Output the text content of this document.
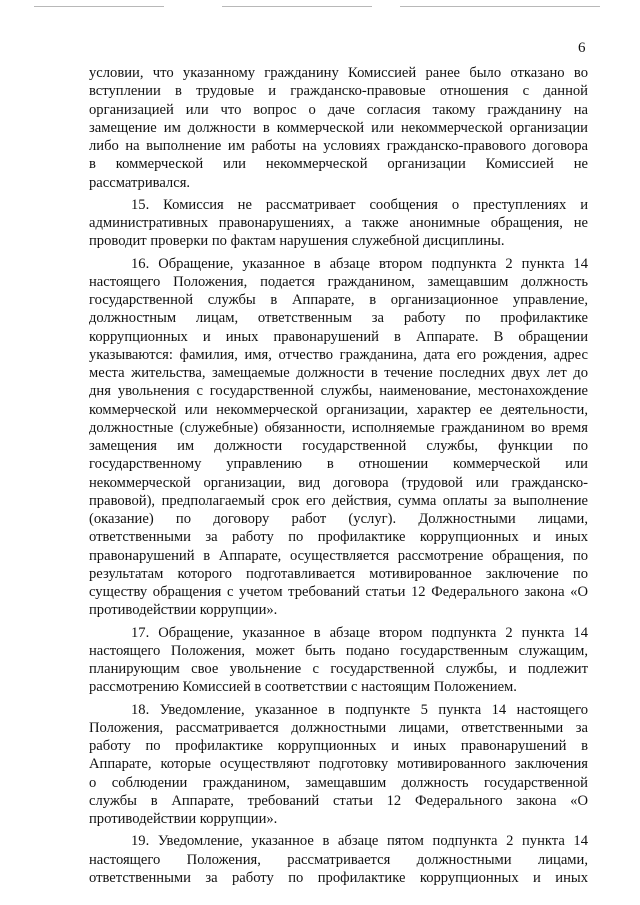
6
условии, что указанному гражданину Комиссией ранее было отказано во
вступлении в трудовые и гражданско-правовые отношения с данной
организацией или что вопрос о даче согласия такому гражданину на
замещение им должности в коммерческой или некоммерческой организации
либо на выполнение им работы на условиях гражданско-правового договора
в коммерческой или некоммерческой организации Комиссией не
рассматривался.
15. Комиссия не рассматривает сообщения о преступлениях и
административных правонарушениях, а также анонимные обращения, не
проводит проверки по фактам нарушения служебной дисциплины.
16. Обращение, указанное в абзаце втором подпункта 2 пункта 14
настоящего Положения, подается гражданином, замещавшим должность
государственной службы в Аппарате, в организационное управление,
должностным лицам, ответственным за работу по профилактике
коррупционных и иных правонарушений в Аппарате. В обращении
указываются: фамилия, имя, отчество гражданина, дата его рождения, адрес
места жительства, замещаемые должности в течение последних двух лет до
дня увольнения с государственной службы, наименование, местонахождение
коммерческой или некоммерческой организации, характер ее деятельности,
должностные (служебные) обязанности, исполняемые гражданином во время
замещения им должности государственной службы, функции по
государственному управлению в отношении коммерческой или
некоммерческой организации, вид договора (трудовой или гражданско-
правовой), предполагаемый срок его действия, сумма оплаты за выполнение
(оказание) по договору работ (услуг). Должностными лицами,
ответственными за работу по профилактике коррупционных и иных
правонарушений в Аппарате, осуществляется рассмотрение обращения, по
результатам которого подготавливается мотивированное заключение по
существу обращения с учетом требований статьи 12 Федерального закона «О
противодействии коррупции».
17. Обращение, указанное в абзаце втором подпункта 2 пункта 14
настоящего Положения, может быть подано государственным служащим,
планирующим свое увольнение с государственной службы, и подлежит
рассмотрению Комиссией в соответствии с настоящим Положением.
18. Уведомление, указанное в подпункте 5 пункта 14 настоящего
Положения, рассматривается должностными лицами, ответственными за
работу по профилактике коррупционных и иных правонарушений в
Аппарате, которые осуществляют подготовку мотивированного заключения
о соблюдении гражданином, замещавшим должность государственной
службы в Аппарате, требований статьи 12 Федерального закона «О
противодействии коррупции».
19. Уведомление, указанное в абзаце пятом подпункта 2 пункта 14
настоящего Положения, рассматривается должностными лицами,
ответственными за работу по профилактике коррупционных и иных
